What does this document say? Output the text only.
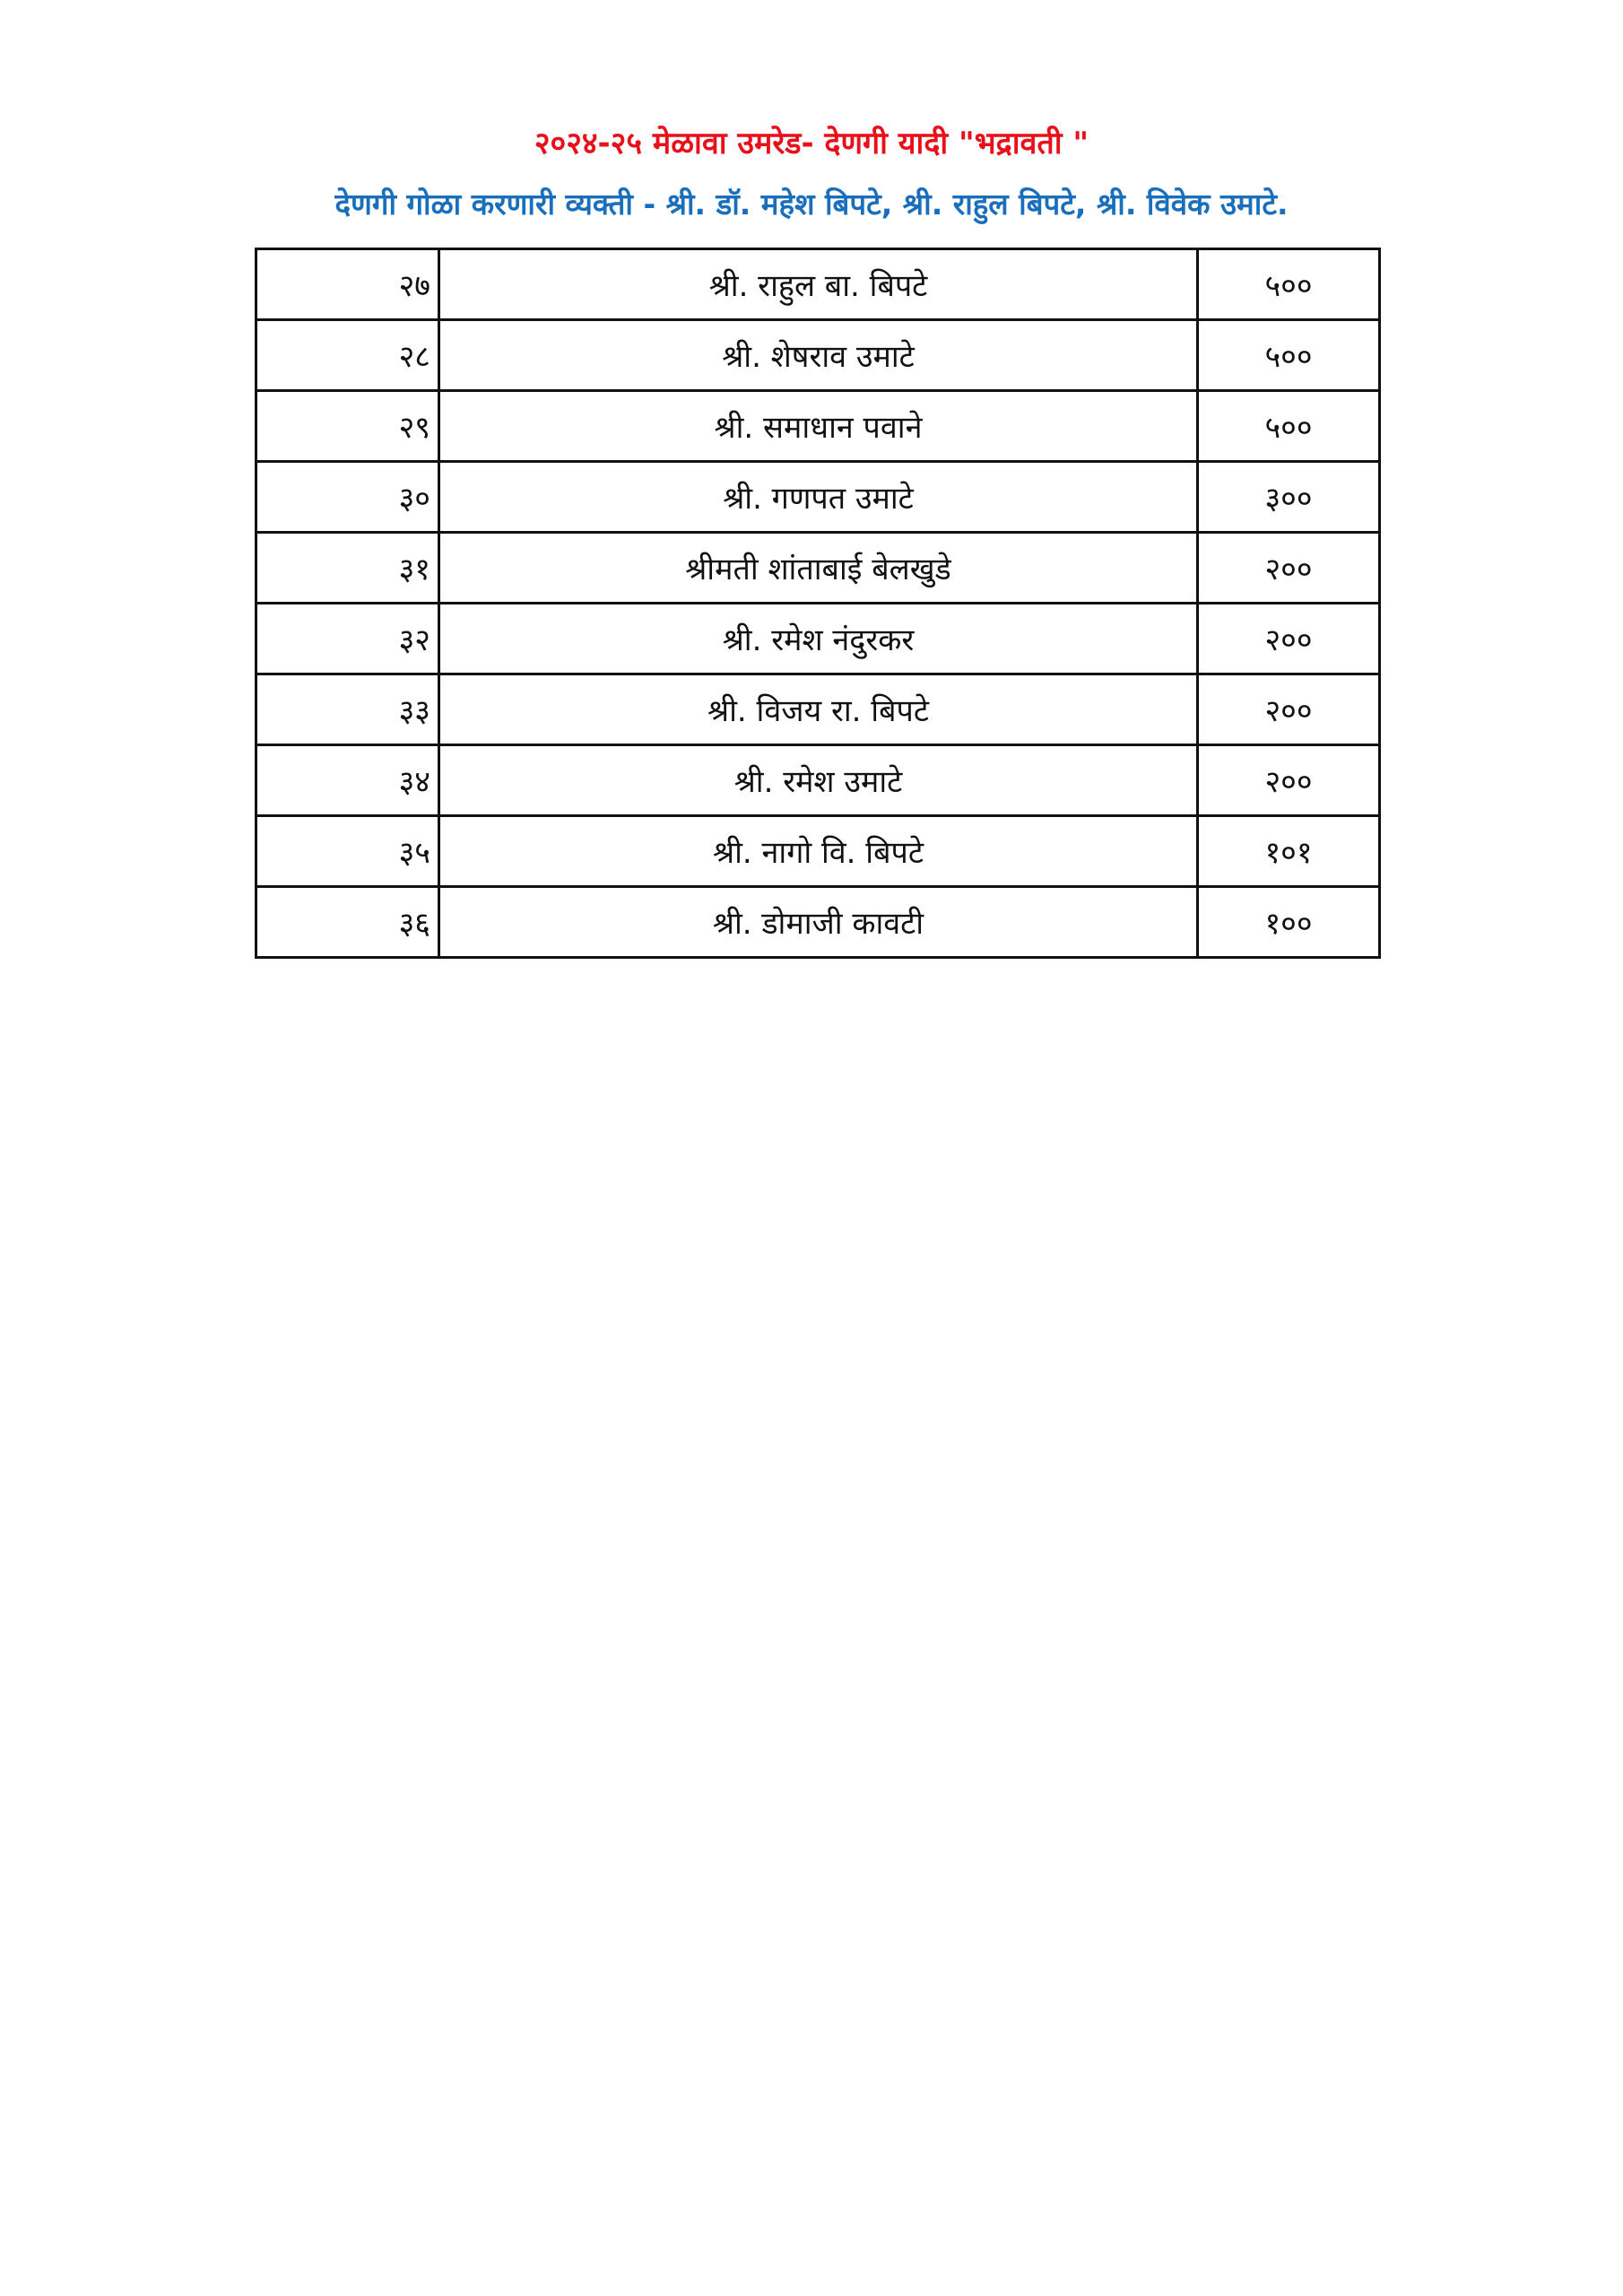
२०२४-२५ मेळावा उमरेड- देणगी यादी "भद्रावती "
देणगी गोळा करणारी व्यक्ती - श्री. डॉ. महेश बिपटे, श्री. राहुल बिपटे, श्री. विवेक उमाटे.
२७	श्री. राहुल बा. बिपटे	५००
२८	श्री. शेषराव उमाटे	५००
२९	श्री. समाधान पवाने	५००
३०	श्री. गणपत उमाटे	३००
३१	श्रीमती शांताबाई बेलखुडे	२००
३२	श्री. रमेश नंदुरकर	२००
३३	श्री. विजय रा. बिपटे	२००
३४	श्री. रमेश उमाटे	२००
३५	श्री. नागो वि. बिपटे	१०१
३६	श्री. डोमाजी कावटी	१००
